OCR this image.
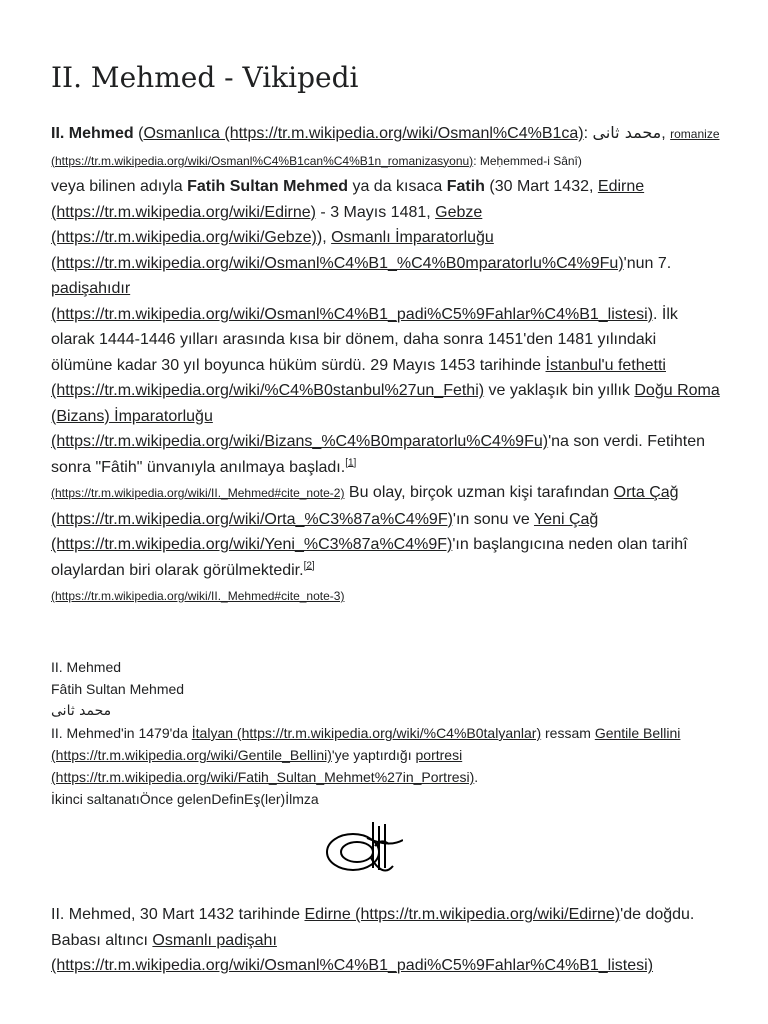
II. Mehmed - Vikipedi
II. Mehmed (Osmanlıca (https://tr.m.wikipedia.org/wiki/Osmanl%C4%B1ca): محمد ثانی, romanize
(https://tr.m.wikipedia.org/wiki/Osmanl%C4%B1can%C4%B1n_romanizasyonu): Meḥemmed-i Sânî)
veya bilinen adıyla Fatih Sultan Mehmed ya da kısaca Fatih (30 Mart 1432, Edirne (https://tr.m.wikipedia.org/wiki/Edirne) - 3 Mayıs 1481, Gebze (https://tr.m.wikipedia.org/wiki/Gebze)), Osmanlı İmparatorluğu (https://tr.m.wikipedia.org/wiki/Osmanl%C4%B1_%C4%B0mparatorlu%C4%9Fu)'nun 7. padişahıdır (https://tr.m.wikipedia.org/wiki/Osmanl%C4%B1_padi%C5%9Fahlar%C4%B1_listesi). İlk olarak 1444-1446 yılları arasında kısa bir dönem, daha sonra 1451'den 1481 yılındaki ölümüne kadar 30 yıl boyunca hüküm sürdü. 29 Mayıs 1453 tarihinde İstanbul'u fethetti (https://tr.m.wikipedia.org/wiki/%C4%B0stanbul%27un_Fethi) ve yaklaşık bin yıllık Doğu Roma (Bizans) İmparatorluğu (https://tr.m.wikipedia.org/wiki/Bizans_%C4%B0mparatorlu%C4%9Fu)'na son verdi. Fetihten sonra "Fâtih" ünvanıyla anılmaya başladı.[1]
(https://tr.m.wikipedia.org/wiki/II._Mehmed#cite_note-2) Bu olay, birçok uzman kişi tarafından Orta Çağ (https://tr.m.wikipedia.org/wiki/Orta_%C3%87a%C4%9F)'ın sonu ve Yeni Çağ (https://tr.m.wikipedia.org/wiki/Yeni_%C3%87a%C4%9F)'ın başlangıcına neden olan tarihî olaylardan biri olarak görülmektedir.[2]
(https://tr.m.wikipedia.org/wiki/II._Mehmed#cite_note-3)
II. Mehmed
Fâtih Sultan Mehmed
محمد ثانی
II. Mehmed'in 1479'da İtalyan (https://tr.m.wikipedia.org/wiki/%C4%B0talyanlar) ressam Gentile Bellini (https://tr.m.wikipedia.org/wiki/Gentile_Bellini)'ye yaptırdığı portresi (https://tr.m.wikipedia.org/wiki/Fatih_Sultan_Mehmet%27in_Portresi).
İkinci saltanatıÖnce gelenDefinEş(ler)İlmza
II. Mehmed, 30 Mart 1432 tarihinde Edirne (https://tr.m.wikipedia.org/wiki/Edirne)'de doğdu. Babası altıncı Osmanlı padişahı (https://tr.m.wikipedia.org/wiki/Osmanl%C4%B1_padi%C5%9Fahlar%C4%B1_listesi)
